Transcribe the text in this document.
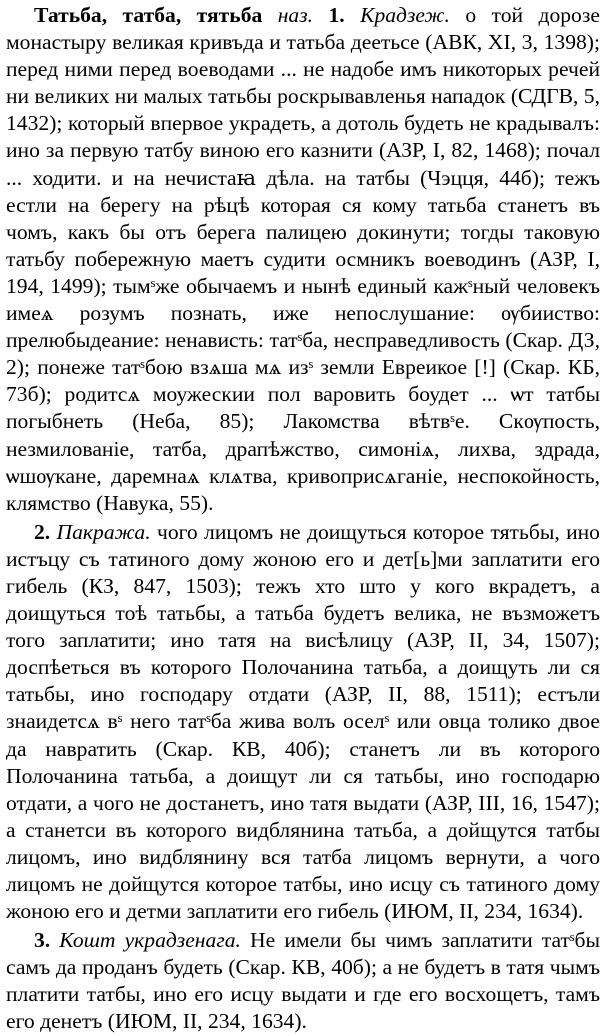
Татьба, татба, тятьба наз. 1. Крадзеж. о той дорозе монастыру великая кривъда и татьба деетьсе (АВК, XI, 3, 1398); перед ними перед воеводами ... не надобе имъ никоторых речей ни великих ни малых татьбы роскрывавленья нападок (СДГВ, 5, 1432); который впервое украдеть, а дотоль будеть не крадывалъ: ино за первую татбу виною его казнити (АЗР, I, 82, 1468); почал ... ходити. и на нечистаꙗ дѣла. на татбы (Чэцця, 44б); тежъ естли на берегу на рѣцѣ которая ся кому татьба станетъ въ чомъ, какъ бы отъ берега палицею докинути; тогды таковую татьбу побережную маетъ судити осмникъ воеводинъ (АЗР, I, 194, 1499); тымˢже обычаемъ и нынѣ единый кажˢный человекъ имеѧ розумъ познать, иже непослушание: ѹбииство: прелюбыдеание: ненависть: татˢба, несправедливость (Скар. ДЗ, 2); понеже татˢбою взѧша мѧ изˢ земли Евреикое [!] (Скар. КБ, 73б); родитсѧ моужескии пол варовить боудет ... ѡт татбы погыбнеть (Неба, 85); Лакомства вѣтвˢе. Скѹпость, незмилованіе, татба, драпѣжство, симоніѧ, лихва, здрада, ѡшѹкане, даремнаѧ клѧтва, кривоприсѧганіе, неспокойность, клямство (Навука, 55).

2. Пакража. чого лицомъ не доищуться которое тятьбы, ино истъцу съ татиного дому жоною его и дет[ь]ми заплатити его гибель (КЗ, 847, 1503); тежъ хто што у кого вкрадетъ, а доищуться тоѣ татьбы, а татьба будетъ велика, не възможетъ того заплатити; ино татя на висѣлицу (АЗР, II, 34, 1507); доспѣеться въ которого Полочанина татьба, а доищуть ли ся татьбы, ино господару отдати (АЗР, II, 88, 1511); естъли знаидетсѧ вˢ него татˢба жива волъ оселˢ или овца толико двое да навратить (Скар. КВ, 40б); станетъ ли въ которого Полочанина татьба, а доищут ли ся татьбы, ино господарю отдати, а чого не достанетъ, ино татя выдати (АЗР, III, 16, 1547); а станетси въ которого видблянина татьба, а дойщутся татбы лицомъ, ино видблянину вся татба лицомъ вернути, а чого лицомъ не дойщутся которое татбы, ино исцу съ татиного дому жоною его и детми заплатити его гибель (ИЮМ, II, 234, 1634).

3. Кошт украдзенага. Не имели бы чимъ заплатити татˢбы самъ да проданъ будеть (Скар. КВ, 40б); а не будетъ в татя чымъ платити татбы, ино его исцу выдати и где его восхощетъ, тамъ его денетъ (ИЮМ, II, 234, 1634).
